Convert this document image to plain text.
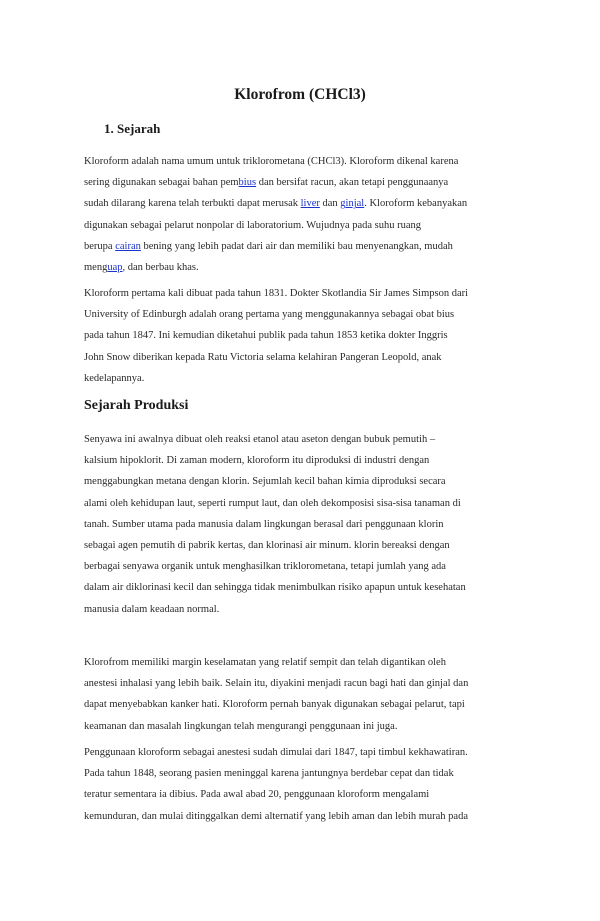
Klorofrom (CHCl3)
1. Sejarah

Kloroform adalah nama umum untuk triklorometana (CHCl3). Kloroform dikenal karena
sering digunakan sebagai bahan pembius dan bersifat racun, akan tetapi penggunaanya
sudah dilarang karena telah terbukti dapat merusak liver dan ginjal. Kloroform kebanyakan
digunakan sebagai pelarut nonpolar di laboratorium. Wujudnya pada suhu ruang
berupa cairan bening yang lebih padat dari air dan memiliki bau menyenangkan, mudah
menguap, dan berbau khas.

Kloroform pertama kali dibuat pada tahun 1831. Dokter Skotlandia Sir James Simpson dari
University of Edinburgh adalah orang pertama yang menggunakannya sebagai obat bius
pada tahun 1847. Ini kemudian diketahui publik pada tahun 1853 ketika dokter Inggris
John Snow diberikan kepada Ratu Victoria selama kelahiran Pangeran Leopold, anak
kedelapannya.

Sejarah Produksi

Senyawa ini awalnya dibuat oleh reaksi etanol atau aseton dengan bubuk pemutih –
kalsium hipoklorit. Di zaman modern, kloroform itu diproduksi di industri dengan
menggabungkan metana dengan klorin. Sejumlah kecil bahan kimia diproduksi secara
alami oleh kehidupan laut, seperti rumput laut, dan oleh dekomposisi sisa-sisa tanaman di
tanah. Sumber utama pada manusia dalam lingkungan berasal dari penggunaan klorin
sebagai agen pemutih di pabrik kertas, dan klorinasi air minum. klorin bereaksi dengan
berbagai senyawa organik untuk menghasilkan triklorometana, tetapi jumlah yang ada
dalam air diklorinasi kecil dan sehingga tidak menimbulkan risiko apapun untuk kesehatan
manusia dalam keadaan normal.

Klorofrom memiliki margin keselamatan yang relatif sempit dan telah digantikan oleh
anestesi inhalasi yang lebih baik. Selain itu, diyakini menjadi racun bagi hati dan ginjal dan
dapat menyebabkan kanker hati. Kloroform pernah banyak digunakan sebagai pelarut, tapi
keamanan dan masalah lingkungan telah mengurangi penggunaan ini juga.

Penggunaan kloroform sebagai anestesi sudah dimulai dari 1847, tapi timbul kekhawatiran.
Pada tahun 1848, seorang pasien meninggal karena jantungnya berdebar cepat dan tidak
teratur sementara ia dibius. Pada awal abad 20, penggunaan kloroform mengalami
kemunduran, dan mulai ditinggalkan demi alternatif yang lebih aman dan lebih murah pada
